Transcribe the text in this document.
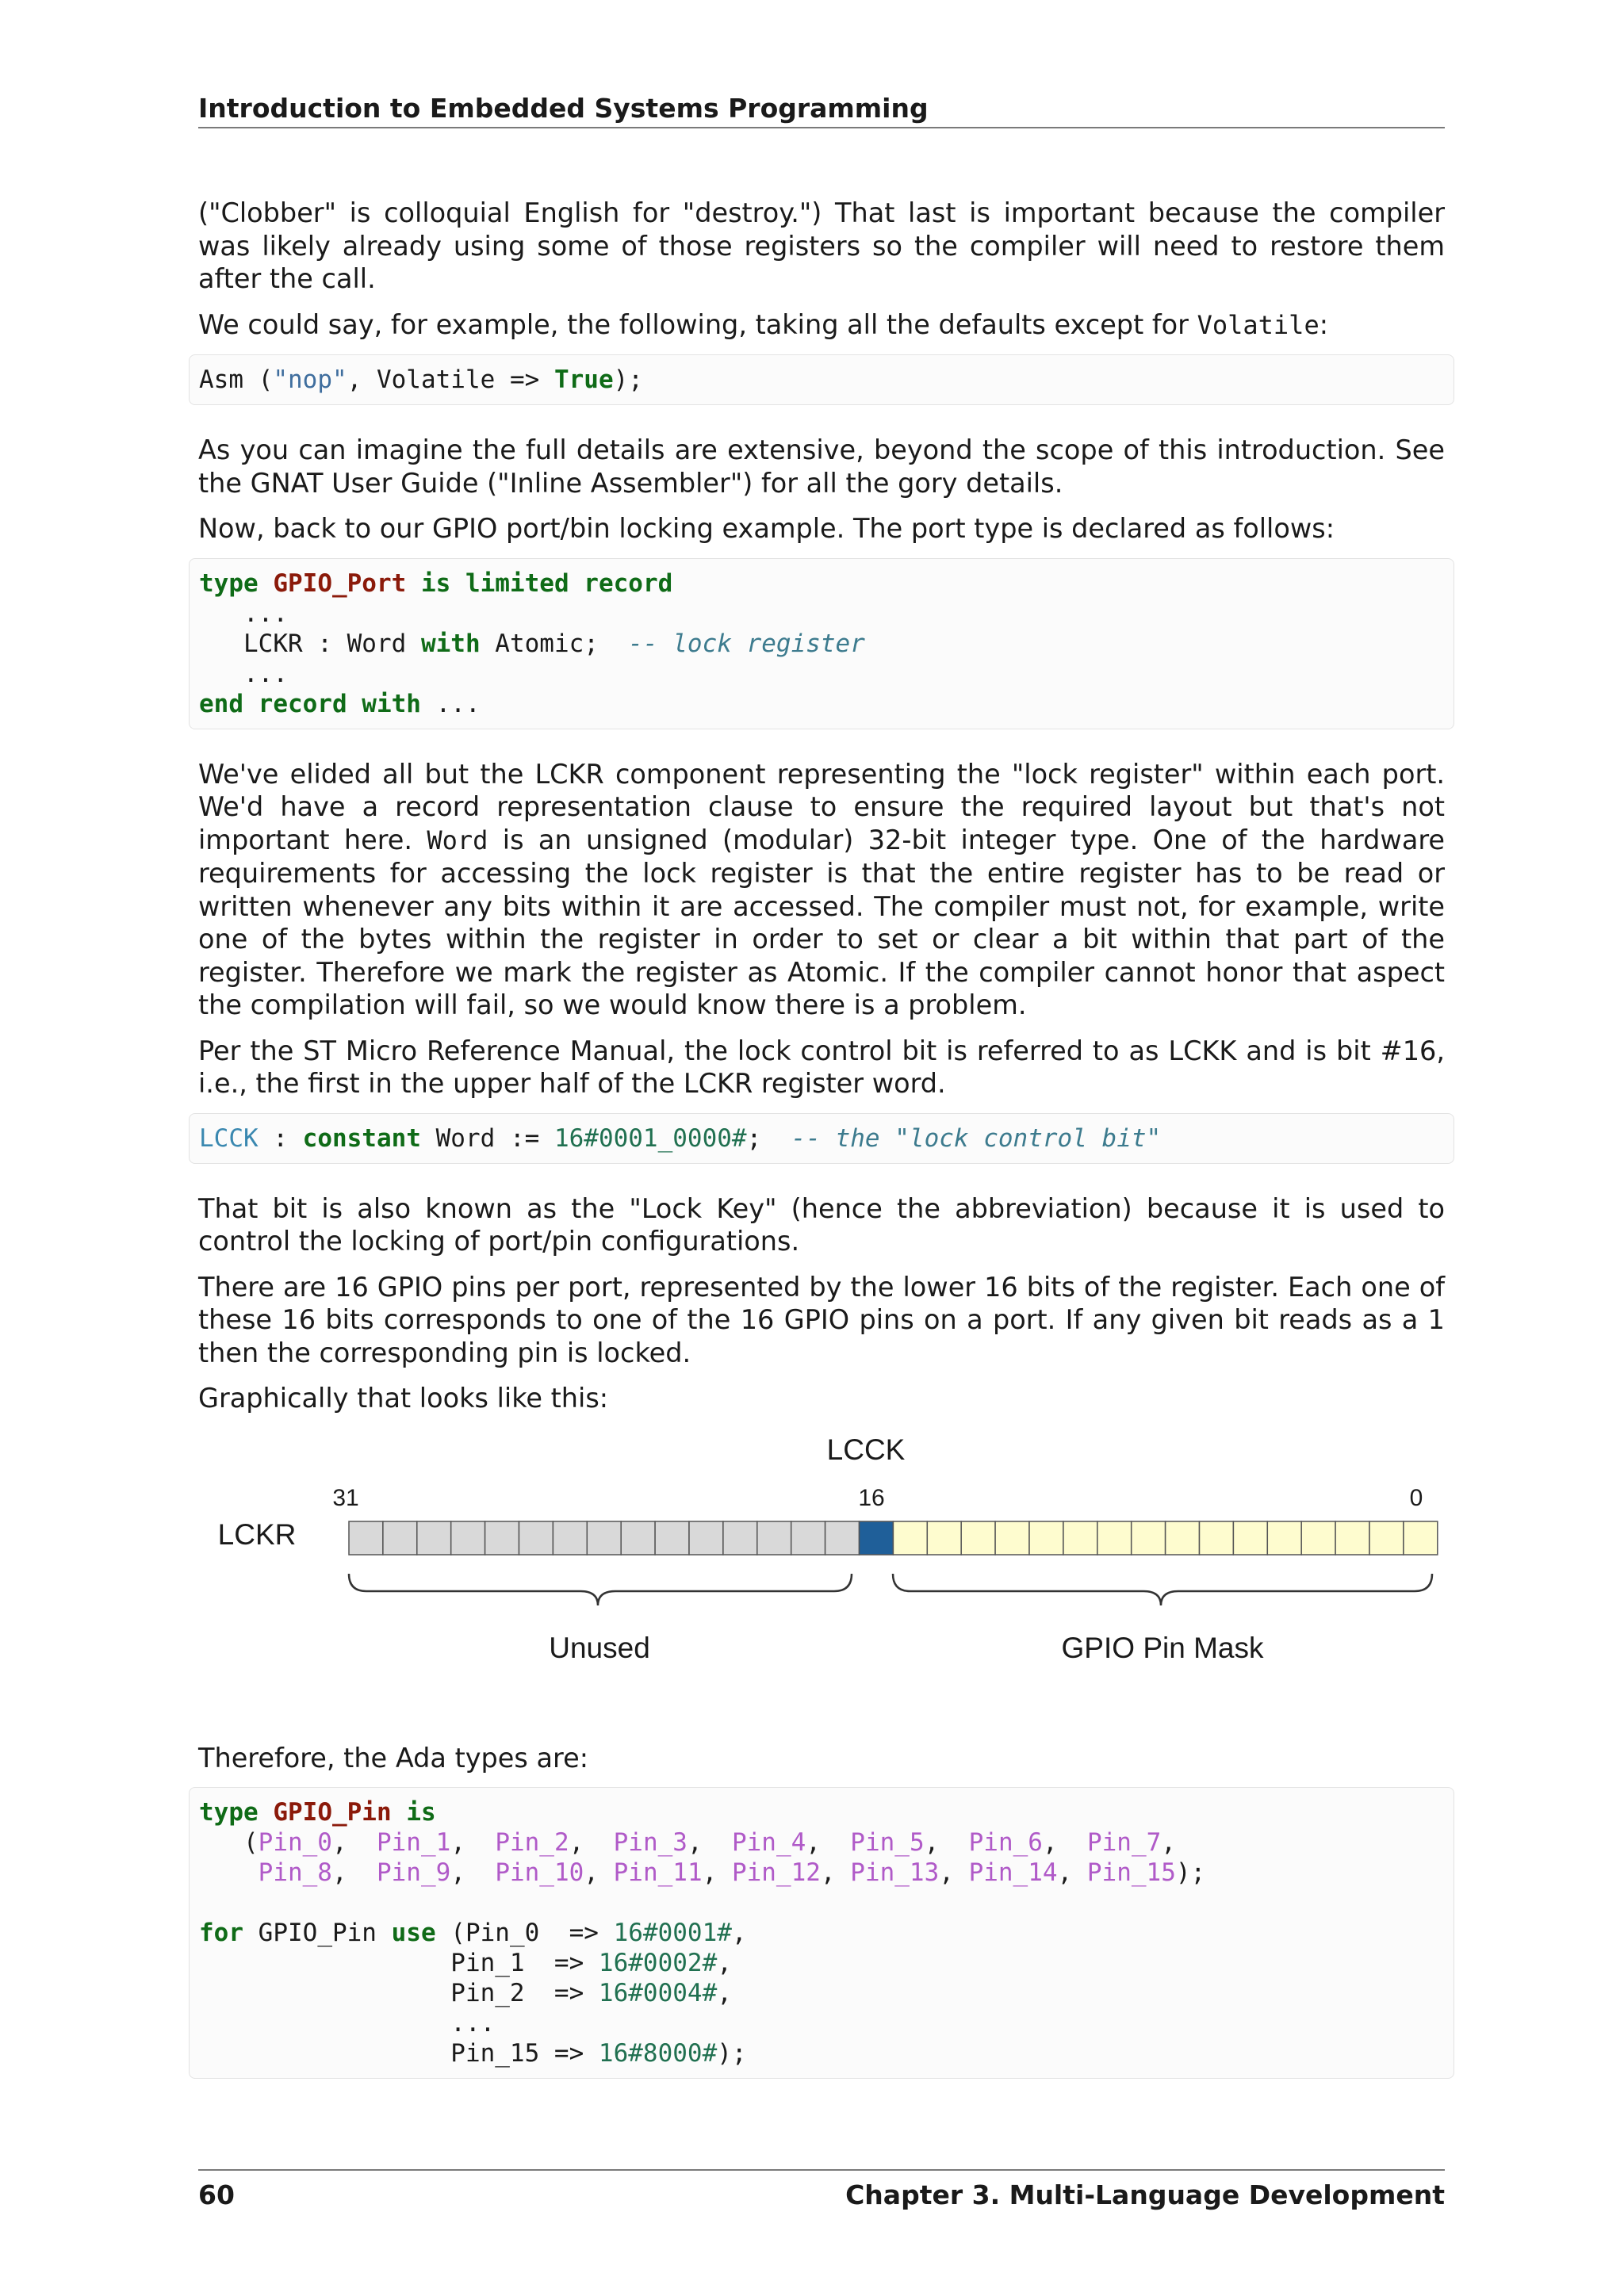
Introduction to Embedded Systems Programming

("Clobber" is colloquial English for "destroy.") That last is important because the compiler was likely already using some of those registers so the compiler will need to restore them after the call.

We could say, for example, the following, taking all the defaults except for Volatile:

Asm ("nop", Volatile => True);

As you can imagine the full details are extensive, beyond the scope of this introduction. See the GNAT User Guide ("Inline Assembler") for all the gory details.

Now, back to our GPIO port/bin locking example. The port type is declared as follows:

type GPIO_Port is limited record
...
LCKR : Word with Atomic;  -- lock register
...
end record with ...

We've elided all but the LCKR component representing the "lock register" within each port. We'd have a record representation clause to ensure the required layout but that's not important here. Word is an unsigned (modular) 32-bit integer type. One of the hardware requirements for accessing the lock register is that the entire register has to be read or written whenever any bits within it are accessed. The compiler must not, for example, write one of the bytes within the register in order to set or clear a bit within that part of the register. Therefore we mark the register as Atomic. If the compiler cannot honor that aspect the compilation will fail, so we would know there is a problem.

Per the ST Micro Reference Manual, the lock control bit is referred to as LCKK and is bit #16, i.e., the first in the upper half of the LCKR register word.

LCCK : constant Word := 16#0001_0000#;  -- the "lock control bit"

That bit is also known as the "Lock Key" (hence the abbreviation) because it is used to control the locking of port/pin configurations.

There are 16 GPIO pins per port, represented by the lower 16 bits of the register. Each one of these 16 bits corresponds to one of the 16 GPIO pins on a port. If any given bit reads as a 1 then the corresponding pin is locked.

Graphically that looks like this:

LCCK
31	16	0
LCKR
Unused	GPIO Pin Mask

Therefore, the Ada types are:

type GPIO_Pin is
(Pin_0,  Pin_1,  Pin_2,  Pin_3,  Pin_4,  Pin_5,  Pin_6,  Pin_7,
Pin_8,  Pin_9,  Pin_10, Pin_11, Pin_12, Pin_13, Pin_14, Pin_15);

for GPIO_Pin use (Pin_0  => 16#0001#,
Pin_1  => 16#0002#,
Pin_2  => 16#0004#,
...
Pin_15 => 16#8000#);
60	Chapter 3. Multi-Language Development
